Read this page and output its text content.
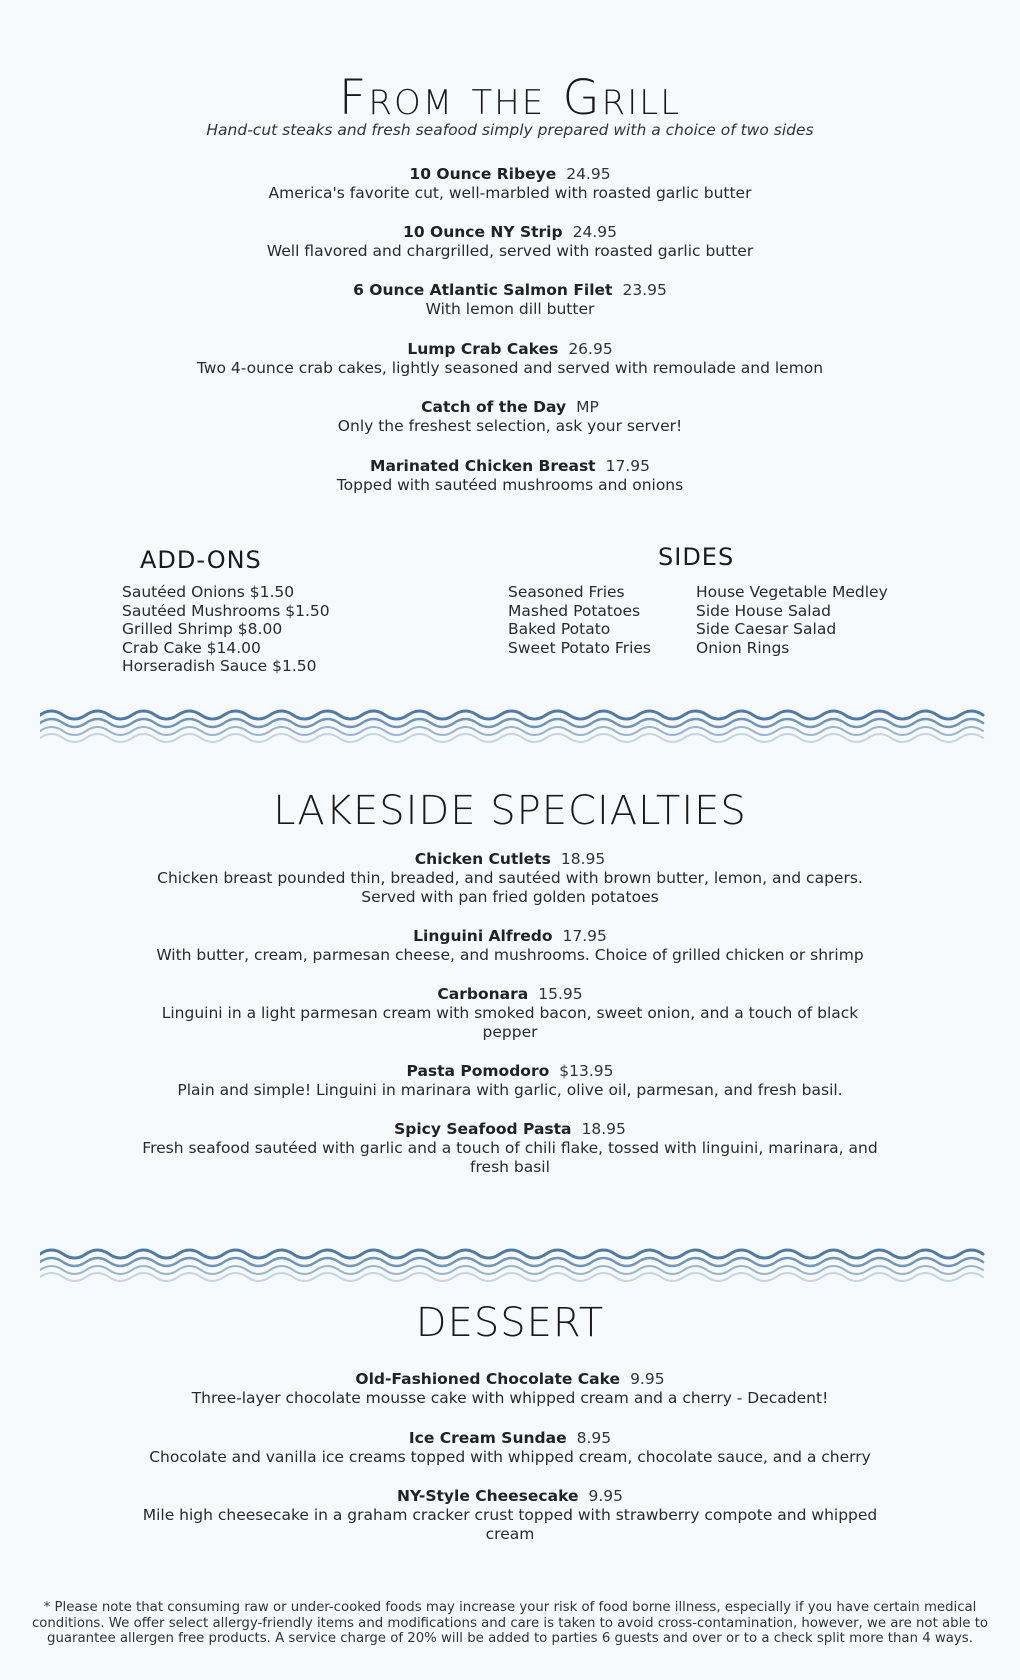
From the Grill
Hand-cut steaks and fresh seafood simply prepared with a choice of two sides
10 Ounce Ribeye 24.95
America's favorite cut, well-marbled with roasted garlic butter
10 Ounce NY Strip 24.95
Well flavored and chargrilled, served with roasted garlic butter
6 Ounce Atlantic Salmon Filet 23.95
With lemon dill butter
Lump Crab Cakes 26.95
Two 4-ounce crab cakes, lightly seasoned and served with remoulade and lemon
Catch of the Day MP
Only the freshest selection, ask your server!
Marinated Chicken Breast 17.95
Topped with sautéed mushrooms and onions
ADD-ONS
Sautéed Onions $1.50
Sautéed Mushrooms $1.50
Grilled Shrimp $8.00
Crab Cake $14.00
Horseradish Sauce $1.50
SIDES
Seasoned Fries
Mashed Potatoes
Baked Potato
Sweet Potato Fries
House Vegetable Medley
Side House Salad
Side Caesar Salad
Onion Rings
LAKESIDE SPECIALTIES
Chicken Cutlets 18.95
Chicken breast pounded thin, breaded, and sautéed with brown butter, lemon, and capers.
Served with pan fried golden potatoes
Linguini Alfredo 17.95
With butter, cream, parmesan cheese, and mushrooms. Choice of grilled chicken or shrimp
Carbonara 15.95
Linguini in a light parmesan cream with smoked bacon, sweet onion, and a touch of black
pepper
Pasta Pomodoro $13.95
Plain and simple! Linguini in marinara with garlic, olive oil, parmesan, and fresh basil.
Spicy Seafood Pasta 18.95
Fresh seafood sautéed with garlic and a touch of chili flake, tossed with linguini, marinara, and
fresh basil
DESSERT
Old-Fashioned Chocolate Cake 9.95
Three-layer chocolate mousse cake with whipped cream and a cherry - Decadent!
Ice Cream Sundae 8.95
Chocolate and vanilla ice creams topped with whipped cream, chocolate sauce, and a cherry
NY-Style Cheesecake 9.95
Mile high cheesecake in a graham cracker crust topped with strawberry compote and whipped
cream
* Please note that consuming raw or under-cooked foods may increase your risk of food borne illness, especially if you have certain medical conditions. We offer select allergy-friendly items and modifications and care is taken to avoid cross-contamination, however, we are not able to guarantee allergen free products. A service charge of 20% will be added to parties 6 guests and over or to a check split more than 4 ways.
